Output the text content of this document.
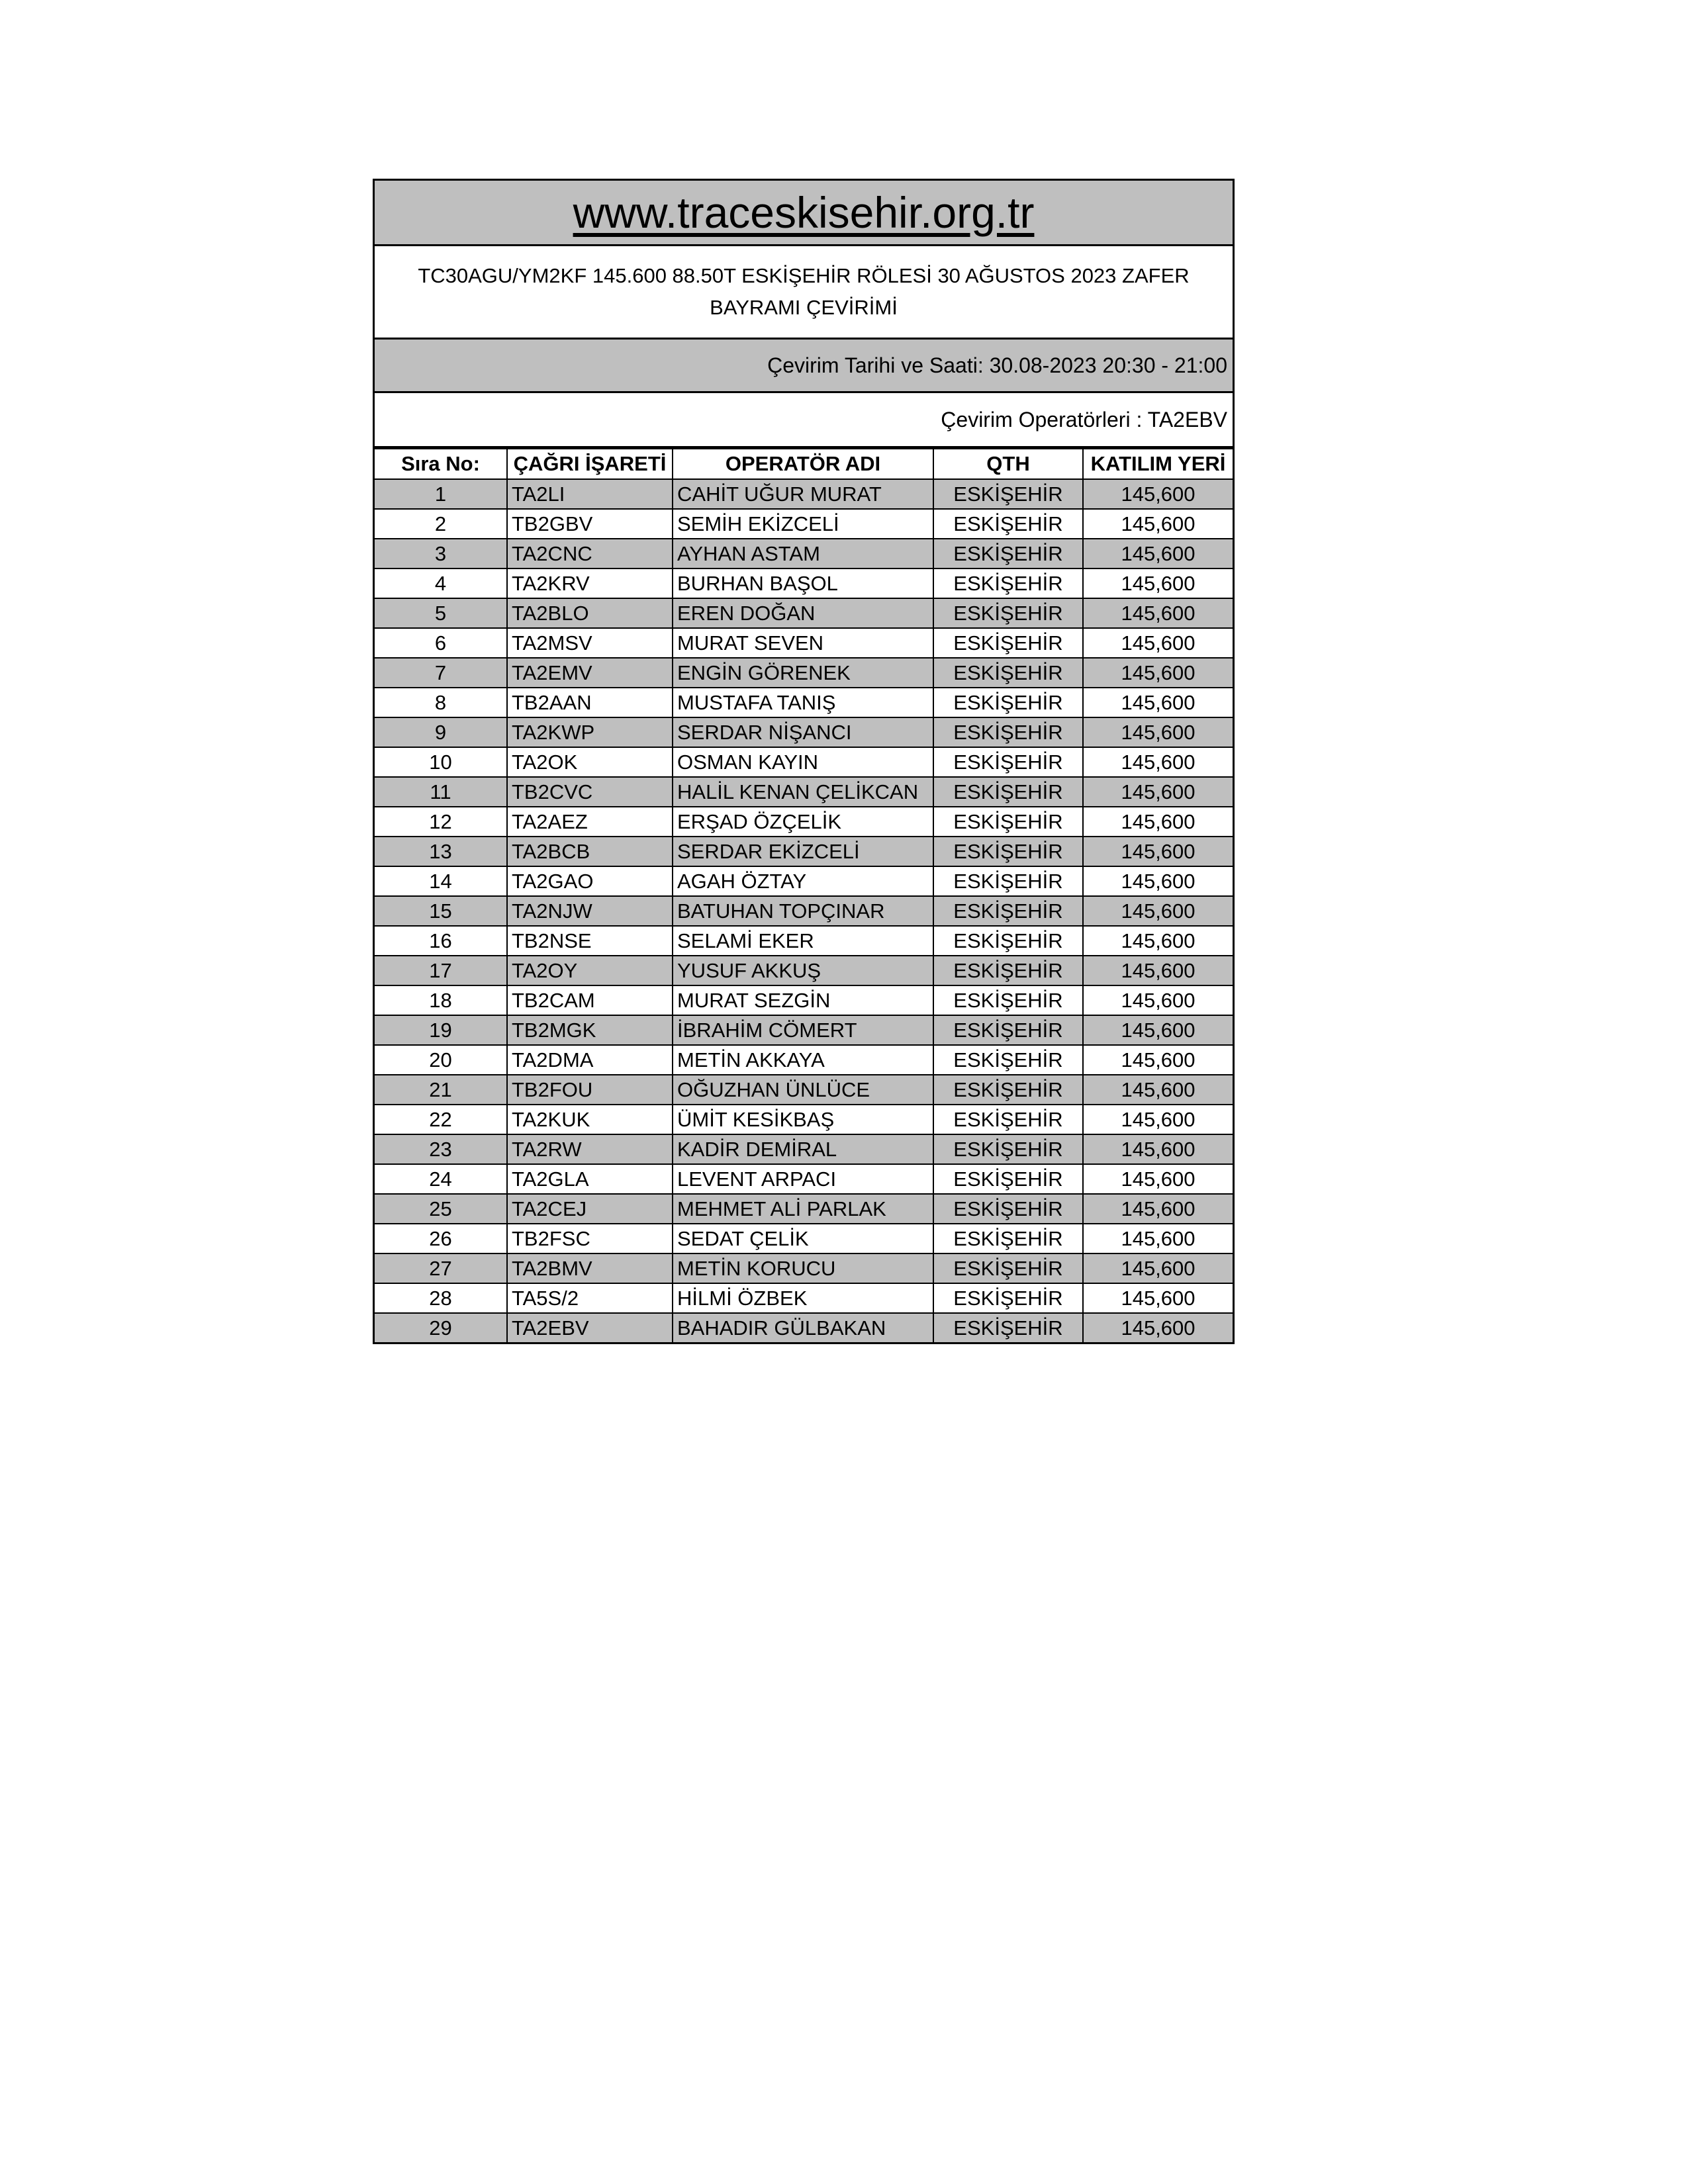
www.traceskisehir.org.tr
TC30AGU/YM2KF 145.600 88.50T ESKİŞEHİR RÖLESİ 30 AĞUSTOS 2023 ZAFER BAYRAMI ÇEVİRİMİ
Çevirim Tarihi ve Saati: 30.08-2023 20:30 - 21:00
Çevirim Operatörleri : TA2EBV
Sıra No:	ÇAĞRI İŞARETİ	OPERATÖR ADI	QTH	KATILIM YERİ
1	TA2LI	CAHİT UĞUR MURAT	ESKİŞEHİR	145,600
2	TB2GBV	SEMİH EKİZCELİ	ESKİŞEHİR	145,600
3	TA2CNC	AYHAN ASTAM	ESKİŞEHİR	145,600
4	TA2KRV	BURHAN BAŞOL	ESKİŞEHİR	145,600
5	TA2BLO	EREN DOĞAN	ESKİŞEHİR	145,600
6	TA2MSV	MURAT SEVEN	ESKİŞEHİR	145,600
7	TA2EMV	ENGİN GÖRENEK	ESKİŞEHİR	145,600
8	TB2AAN	MUSTAFA TANIŞ	ESKİŞEHİR	145,600
9	TA2KWP	SERDAR NİŞANCI	ESKİŞEHİR	145,600
10	TA2OK	OSMAN KAYIN	ESKİŞEHİR	145,600
11	TB2CVC	HALİL KENAN ÇELİKCAN	ESKİŞEHİR	145,600
12	TA2AEZ	ERŞAD ÖZÇELİK	ESKİŞEHİR	145,600
13	TA2BCB	SERDAR EKİZCELİ	ESKİŞEHİR	145,600
14	TA2GAO	AGAH ÖZTAY	ESKİŞEHİR	145,600
15	TA2NJW	BATUHAN TOPÇINAR	ESKİŞEHİR	145,600
16	TB2NSE	SELAMİ EKER	ESKİŞEHİR	145,600
17	TA2OY	YUSUF AKKUŞ	ESKİŞEHİR	145,600
18	TB2CAM	MURAT SEZGİN	ESKİŞEHİR	145,600
19	TB2MGK	İBRAHİM CÖMERT	ESKİŞEHİR	145,600
20	TA2DMA	METİN AKKAYA	ESKİŞEHİR	145,600
21	TB2FOU	OĞUZHAN ÜNLÜCE	ESKİŞEHİR	145,600
22	TA2KUK	ÜMİT KESİKBAŞ	ESKİŞEHİR	145,600
23	TA2RW	KADİR DEMİRAL	ESKİŞEHİR	145,600
24	TA2GLA	LEVENT ARPACI	ESKİŞEHİR	145,600
25	TA2CEJ	MEHMET ALİ PARLAK	ESKİŞEHİR	145,600
26	TB2FSC	SEDAT ÇELİK	ESKİŞEHİR	145,600
27	TA2BMV	METİN KORUCU	ESKİŞEHİR	145,600
28	TA5S/2	HİLMİ ÖZBEK	ESKİŞEHİR	145,600
29	TA2EBV	BAHADIR GÜLBAKAN	ESKİŞEHİR	145,600
